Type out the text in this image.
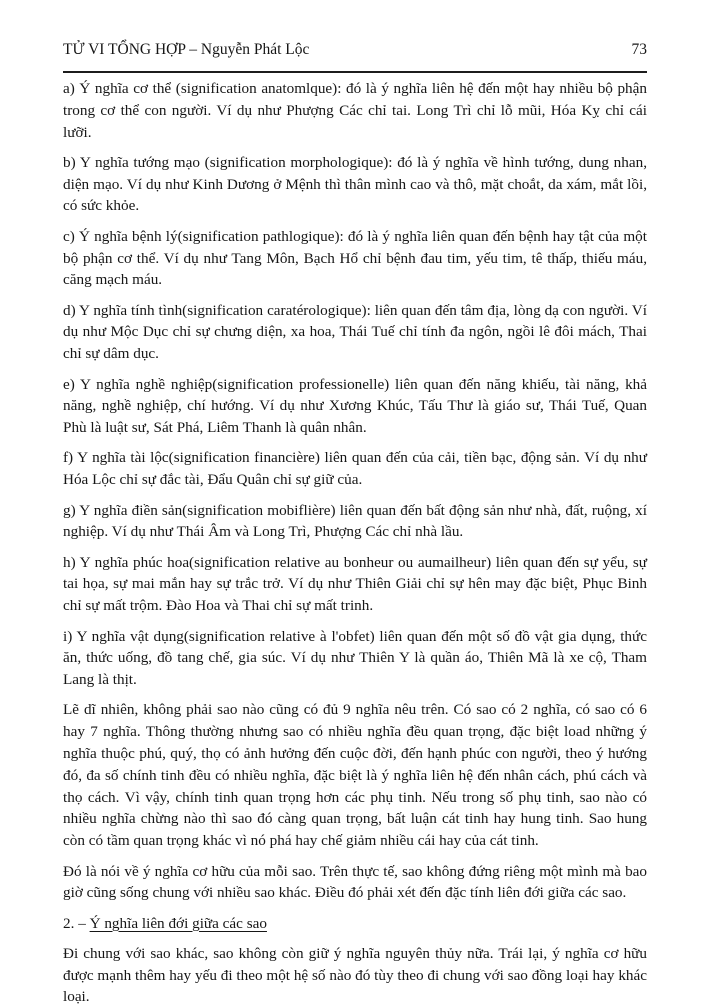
TỬ VI TỔNG HỢP – Nguyễn Phát Lộc	73

a) Ý nghĩa cơ thể (signification anatomlque): đó là ý nghĩa liên hệ đến một hay nhiều bộ phận trong cơ thể con người. Ví dụ như Phượng Các chỉ tai. Long Trì chỉ lỗ mũi, Hóa Kỵ chỉ cái lưỡi.

b) Y nghĩa tướng mạo (signification morphologique): đó là ý nghĩa về hình tướng, dung nhan, diện mạo. Ví dụ như Kinh Dương ở Mệnh thì thân mình cao và thô, mặt choắt, da xám, mắt lồi, có sức khỏe.

c) Ý nghĩa bệnh lý(signification pathlogique): đó là ý nghĩa liên quan đến bệnh hay tật của một bộ phận cơ thể. Ví dụ như Tang Môn, Bạch Hổ chỉ bệnh đau tim, yếu tim, tê thấp, thiếu máu, căng mạch máu.

d) Y nghĩa tính tình(signification caratérologique): liên quan đến tâm địa, lòng dạ con người. Ví dụ như Mộc Dục chỉ sự chưng diện, xa hoa, Thái Tuế chỉ tính đa ngôn, ngồi lê đôi mách, Thai chỉ sự dâm dục.

e) Y nghĩa nghề nghiệp(signification professionelle) liên quan đến năng khiếu, tài năng, khả năng, nghề nghiệp, chí hướng. Ví dụ như Xương Khúc, Tấu Thư là giáo sư, Thái Tuế, Quan Phù là luật sư, Sát Phá, Liêm Thanh là quân nhân.

f) Y nghĩa tài lộc(signification financière) liên quan đến của cải, tiền bạc, động sản. Ví dụ như Hóa Lộc chỉ sự đắc tài, Đẩu Quân chỉ sự giữ của.

g) Y nghĩa điền sản(signification mobiflière) liên quan đến bất động sản như nhà, đất, ruộng, xí nghiệp. Ví dụ như Thái Âm và Long Trì, Phượng Các chỉ nhà lầu.

h) Y nghĩa phúc hoa(signification relative au bonheur ou aumailheur) liên quan đến sự yểu, sự tai họa, sự mai mắn hay sự trắc trở. Ví dụ như Thiên Giải chỉ sự hên may đặc biệt, Phục Binh chỉ sự mất trộm. Đào Hoa và Thai chỉ sự mất trinh.

i) Y nghĩa vật dụng(signification relative à l'obfet) liên quan đến một số đồ vật gia dụng, thức ăn, thức uống, đồ tang chế, gia súc. Ví dụ như Thiên Y là quần áo, Thiên Mã là xe cộ, Tham Lang là thịt.

Lẽ dĩ nhiên, không phải sao nào cũng có đủ 9 nghĩa nêu trên. Có sao có 2 nghĩa, có sao có 6 hay 7 nghĩa. Thông thường nhưng sao có nhiều nghĩa đều quan trọng, đặc biệt load những ý nghĩa thuộc phú, quý, thọ có ảnh hưởng đến cuộc đời, đến hạnh phúc con người, theo ý hướng đó, đa số chính tinh đều có nhiều nghĩa, đặc biệt là ý nghĩa liên hệ đến nhân cách, phú cách và thọ cách. Vì vậy, chính tinh quan trọng hơn các phụ tinh. Nếu trong số phụ tinh, sao nào có nhiều nghĩa chừng nào thì sao đó càng quan trọng, bất luận cát tinh hay hung tinh. Sao hung còn có tầm quan trọng khác vì nó phá hay chế giảm nhiều cái hay của cát tinh.

Đó là nói về ý nghĩa cơ hữu của mỗi sao. Trên thực tế, sao không đứng riêng một mình mà bao giờ cũng sống chung với nhiều sao khác. Điều đó phải xét đến đặc tính liên đới giữa các sao.

2. – Ý nghĩa liên đới giữa các sao

Đi chung với sao khác, sao không còn giữ ý nghĩa nguyên thủy nữa. Trái lại, ý nghĩa cơ hữu được mạnh thêm hay yếu đi theo một hệ số nào đó tùy theo đi chung với sao đồng loại hay khác loại.
